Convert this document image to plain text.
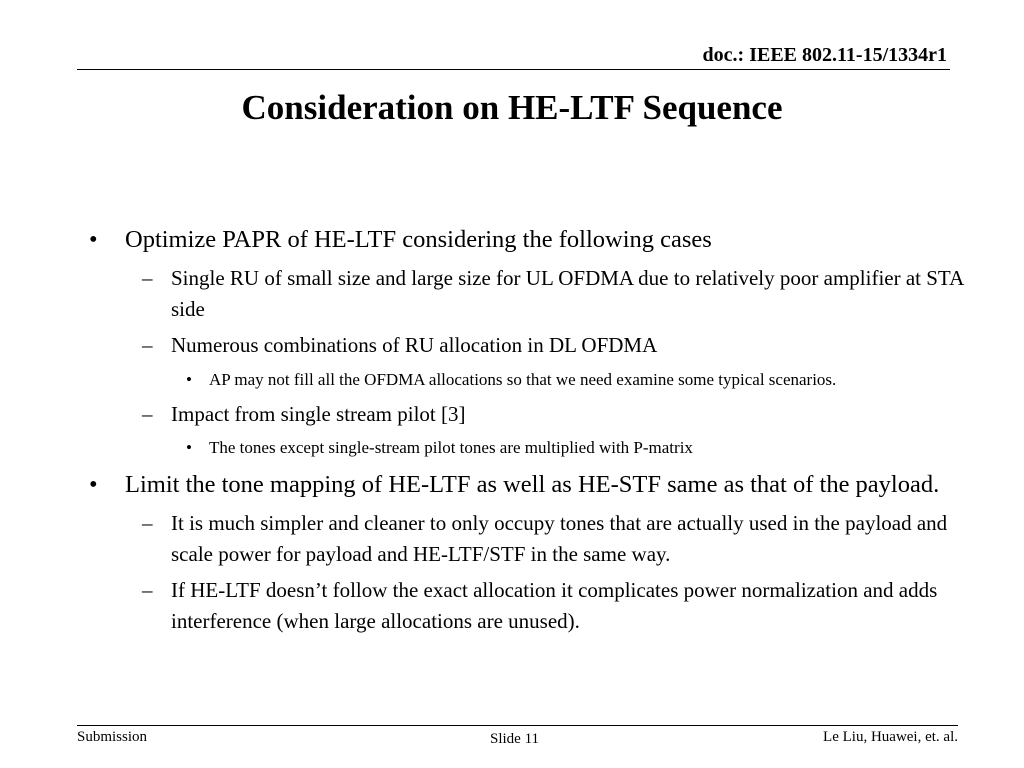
doc.: IEEE 802.11-15/1334r1
Consideration on HE-LTF Sequence
• Optimize PAPR of HE-LTF considering the following cases
– Single RU of small size and large size for UL OFDMA due to relatively poor amplifier at STA side
– Numerous combinations of RU allocation in DL OFDMA
• AP may not fill all the OFDMA allocations so that we need examine some typical scenarios.
– Impact from single stream pilot [3]
• The tones except single-stream pilot tones are multiplied with P-matrix
• Limit the tone mapping of HE-LTF as well as HE-STF same as that of the payload.
– It is much simpler and cleaner to only occupy tones that are actually used in the payload and scale power for payload and HE-LTF/STF in the same way.
– If HE-LTF doesn’t follow the exact allocation it complicates power normalization and adds interference (when large allocations are unused).
Submission	Slide 11	Le Liu, Huawei, et. al.
